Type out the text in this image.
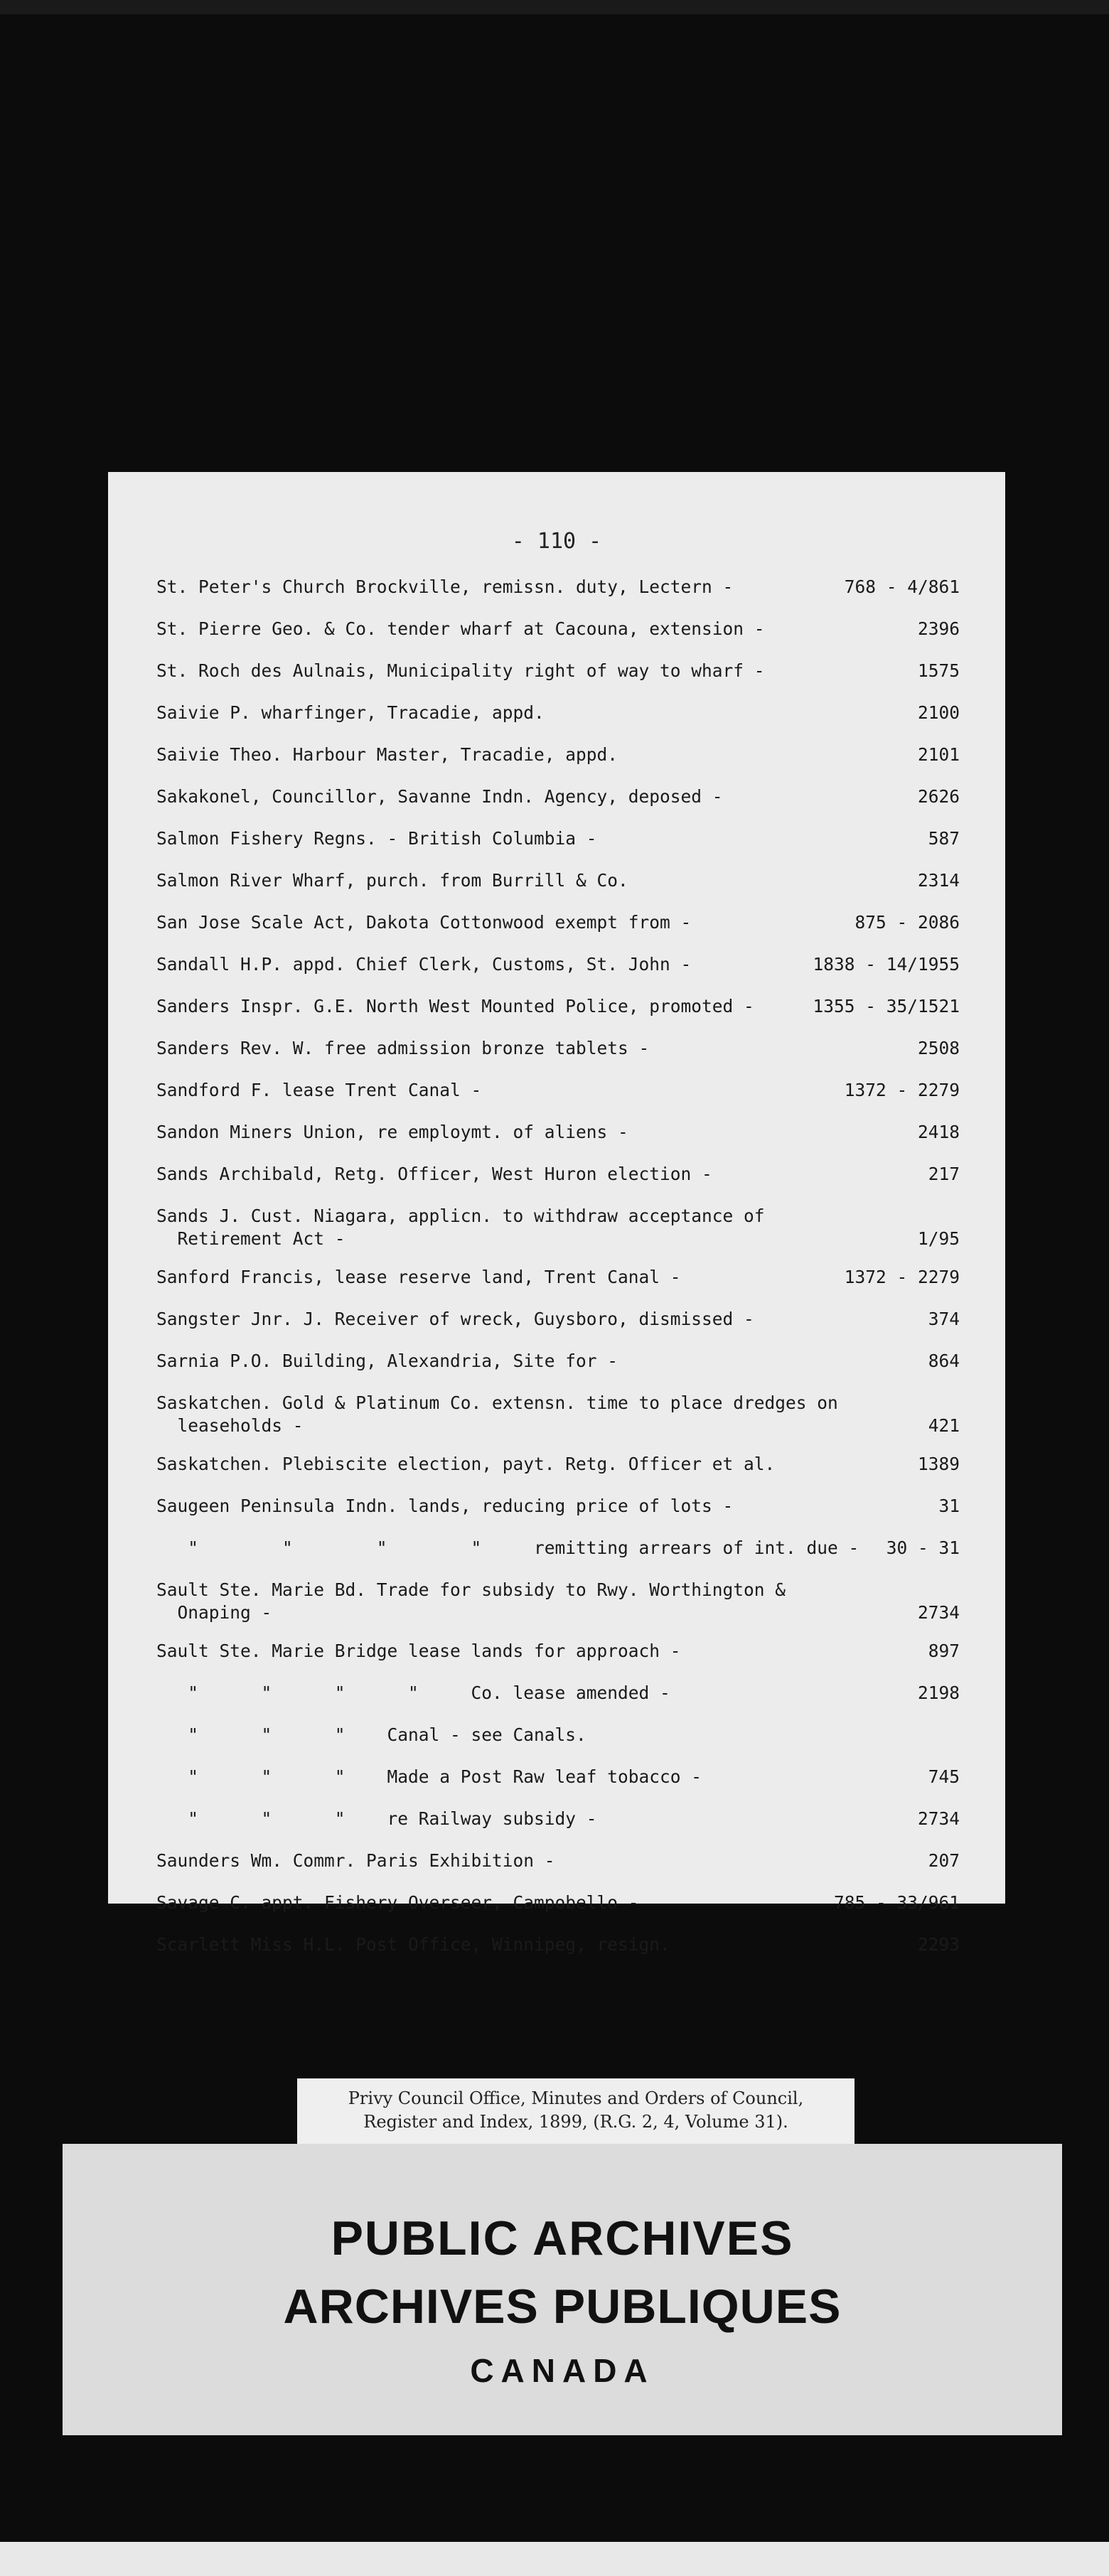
- 110 -
St. Peter's Church Brockville, remissn. duty, Lectern -	768 - 4/861
St. Pierre Geo. & Co. tender wharf at Cacouna, extension -	2396
St. Roch des Aulnais, Municipality right of way to wharf -	1575
Saivie P. wharfinger, Tracadie, appd.	2100
Saivie Theo. Harbour Master, Tracadie, appd.	2101
Sakakonel, Councillor, Savanne Indn. Agency, deposed -	2626
Salmon Fishery Regns. - British Columbia -	587
Salmon River Wharf, purch. from Burrill & Co.	2314
San Jose Scale Act, Dakota Cottonwood exempt from -	875 - 2086
Sandall H.P. appd. Chief Clerk, Customs, St. John -	1838 - 14/1955
Sanders Inspr. G.E. North West Mounted Police, promoted -	1355 - 35/1521
Sanders Rev. W. free admission bronze tablets -	2508
Sandford F. lease Trent Canal -	1372 - 2279
Sandon Miners Union, re employmt. of aliens -	2418
Sands Archibald, Retg. Officer, West Huron election -	217
Sands J. Cust. Niagara, applicn. to withdraw acceptance of
Retirement Act -	1/95
Sanford Francis, lease reserve land, Trent Canal -	1372 - 2279
Sangster Jnr. J. Receiver of wreck, Guysboro, dismissed -	374
Sarnia P.O. Building, Alexandria, Site for -	864
Saskatchen. Gold & Platinum Co. extensn. time to place dredges on
leaseholds -	421
Saskatchen. Plebiscite election, payt. Retg. Officer et al.	1389
Saugeen Peninsula Indn. lands, reducing price of lots -	31
"        "        "        "     remitting arrears of int. due -	30 - 31
Sault Ste. Marie Bd. Trade for subsidy to Rwy. Worthington &
Onaping -	2734
Sault Ste. Marie Bridge lease lands for approach -	897
"      "      "      "     Co. lease amended -	2198
"      "      "    Canal - see Canals.
"      "      "    Made a Post Raw leaf tobacco -	745
"      "      "    re Railway subsidy -	2734
Saunders Wm. Commr. Paris Exhibition -	207
Savage C. appt. Fishery Overseer, Campobello -	785 - 33/961
Scarlett Miss H.L. Post Office, Winnipeg, resign.	2293
Privy Council Office, Minutes and Orders of Council,
Register and Index, 1899, (R.G. 2, 4, Volume 31).
PUBLIC ARCHIVES
ARCHIVES PUBLIQUES
CANADA
